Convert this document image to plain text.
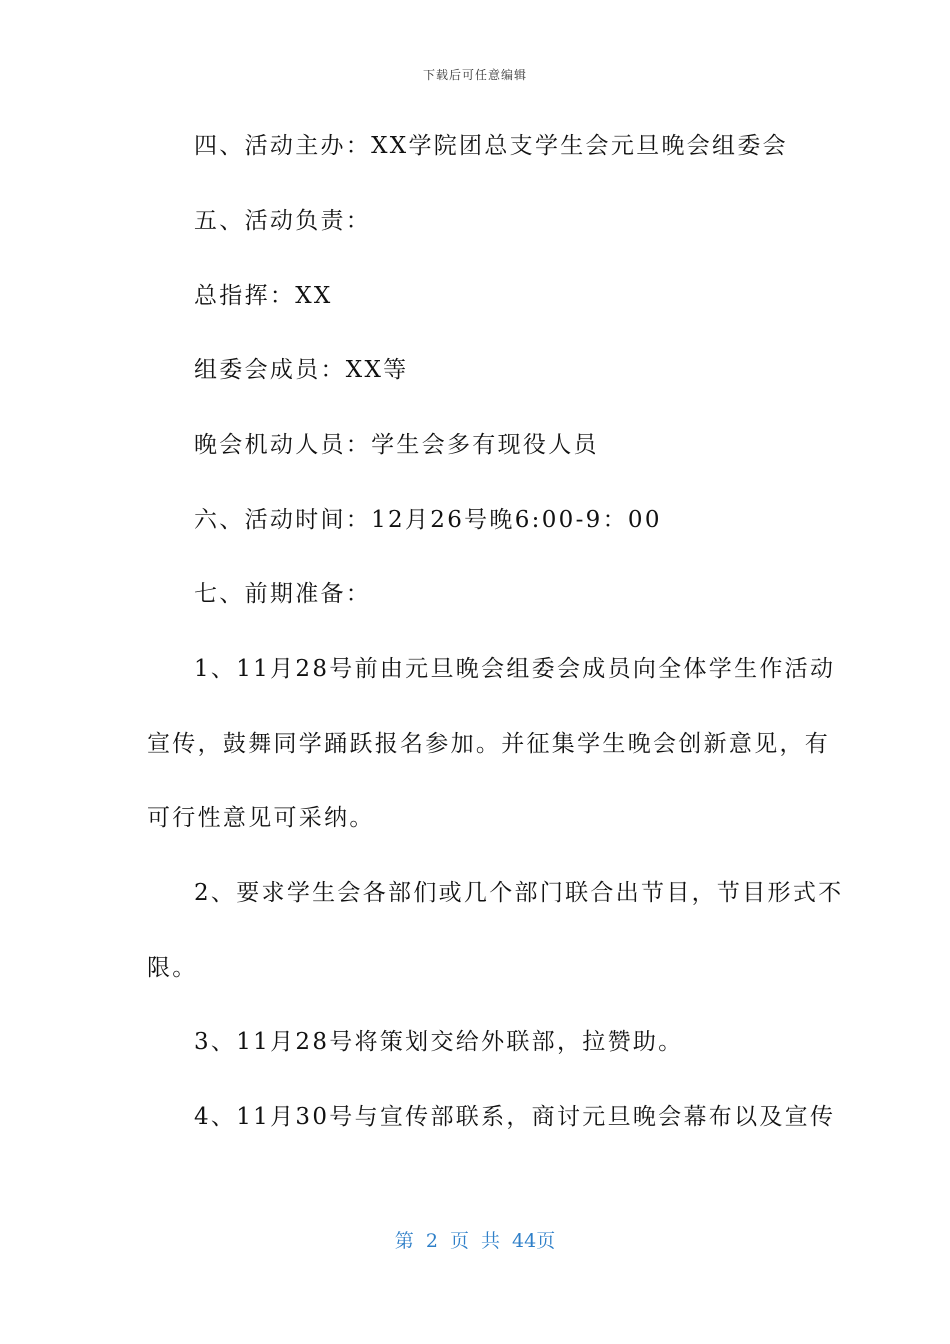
下载后可任意编辑
四、活动主办：XX学院团总支学生会元旦晚会组委会
五、活动负责：
总指挥：XX
组委会成员：XX等
晚会机动人员：学生会多有现役人员
六、活动时间：12月26号晚6:00-9：00
七、前期准备：
1、11月28号前由元旦晚会组委会成员向全体学生作活动
宣传，鼓舞同学踊跃报名参加。并征集学生晚会创新意见，有
可行性意见可采纳。
2、要求学生会各部们或几个部门联合出节目，节目形式不
限。
3、11月28号将策划交给外联部，拉赞助。
4、11月30号与宣传部联系，商讨元旦晚会幕布以及宣传
第 2 页 共 44页
